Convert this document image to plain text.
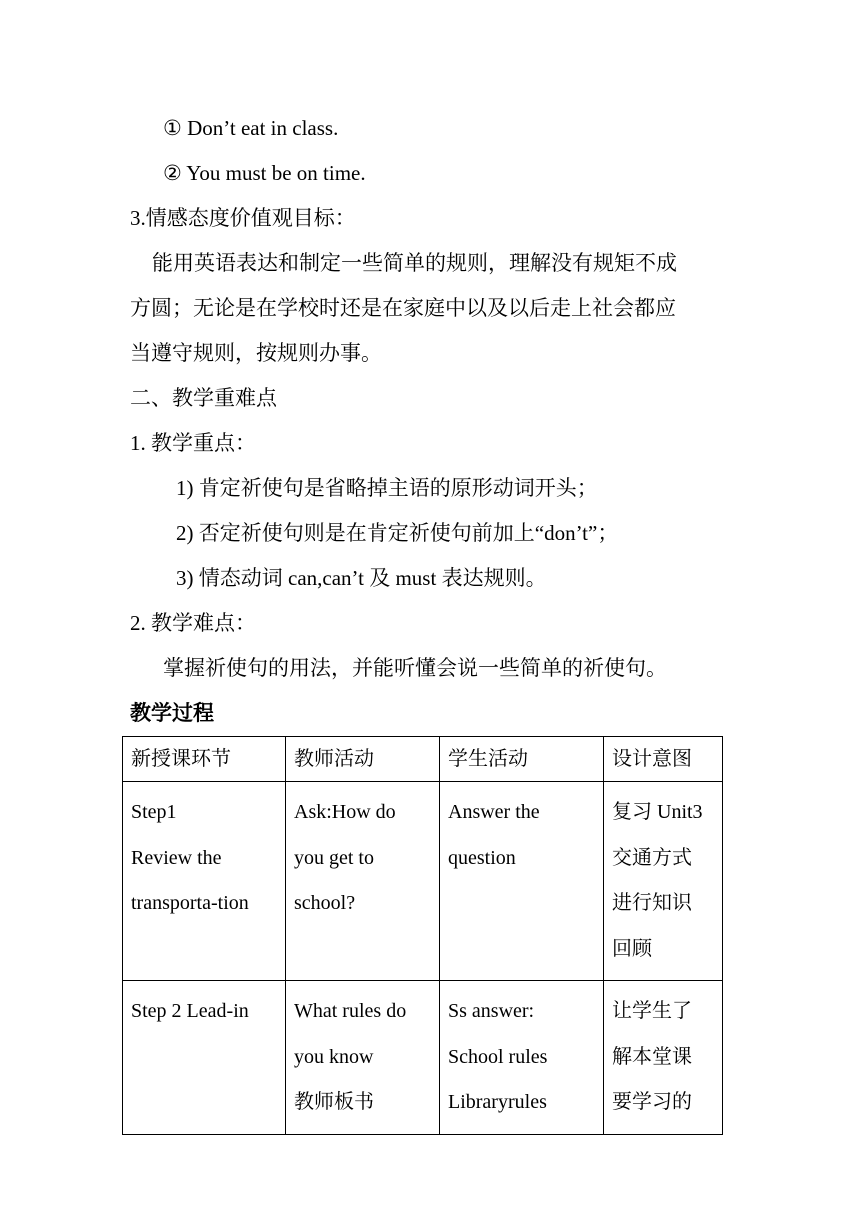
① Don’t eat in class.
② You must be on time.
3.情感态度价值观目标：
能用英语表达和制定一些简单的规则，理解没有规矩不成
方圆；无论是在学校时还是在家庭中以及以后走上社会都应
当遵守规则，按规则办事。
二、教学重难点
1. 教学重点：
1) 肯定祈使句是省略掉主语的原形动词开头；
2) 否定祈使句则是在肯定祈使句前加上“don’t”；
3) 情态动词 can,can’t 及 must 表达规则。
2. 教学难点：
掌握祈使句的用法，并能听懂会说一些简单的祈使句。
教学过程
新授课环节	教师活动	学生活动	设计意图

Step1
Review the
transporta-tion	Ask:How do
you get to
school?	Answer the
question	复习 Unit3
交通方式
进行知识
回顾

Step 2 Lead-in	What rules do
you know
教师板书	Ss answer:
School rules
Libraryrules	让学生了
解本堂课
要学习的
